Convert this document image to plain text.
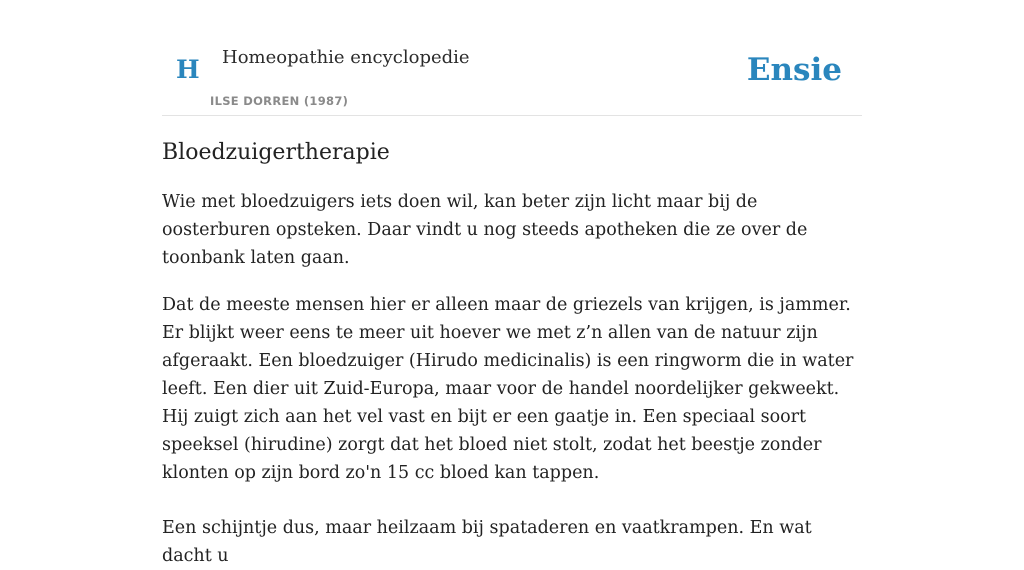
H Homeopathie encyclopedie
ILSE DORREN (1987)
Ensie
Bloedzuigertherapie

Wie met bloedzuigers iets doen wil, kan beter zijn licht maar bij de oosterburen opsteken. Daar vindt u nog steeds apotheken die ze over de toonbank laten gaan.

Dat de meeste mensen hier er alleen maar de griezels van krijgen, is jammer. Er blijkt weer eens te meer uit hoever we met z’n allen van de natuur zijn afgeraakt. Een bloedzuiger (Hirudo medicinalis) is een ringworm die in water leeft. Een dier uit Zuid-Europa, maar voor de handel noordelijker gekweekt. Hij zuigt zich aan het vel vast en bijt er een gaatje in. Een speciaal soort speeksel (hirudine) zorgt dat het bloed niet stolt, zodat het beestje zonder klonten op zijn bord zo'n 15 cc bloed kan tappen.

Een schijntje dus, maar heilzaam bij spataderen en vaatkrampen. En wat dacht u
